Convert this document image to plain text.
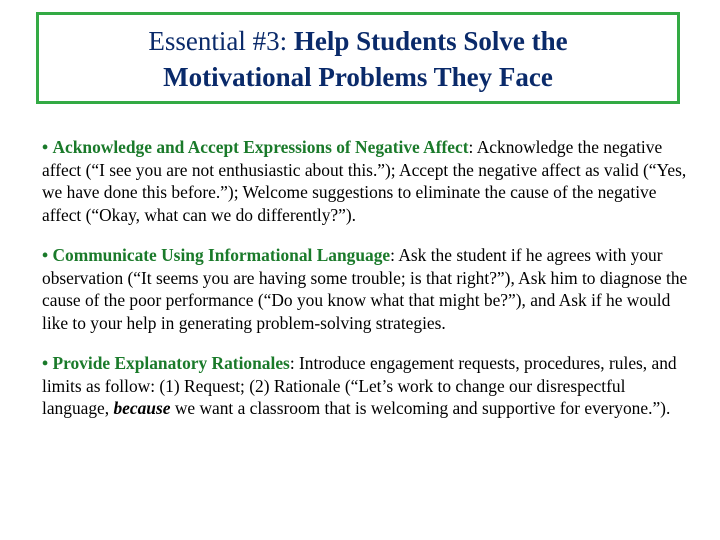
Essential #3: Help Students Solve the
Motivational Problems They Face

• Acknowledge and Accept Expressions of Negative Affect: Acknowledge the negative affect (“I see you are not enthusiastic about this.”); Accept the negative affect as valid (“Yes, we have done this before.”); Welcome suggestions to eliminate the cause of the negative affect (“Okay, what can we do differently?”).

• Communicate Using Informational Language: Ask the student if he agrees with your observation (“It seems you are having some trouble; is that right?”), Ask him to diagnose the cause of the poor performance (“Do you know what that might be?”), and Ask if he would like to your help in generating problem-solving strategies.

• Provide Explanatory Rationales: Introduce engagement requests, procedures, rules, and limits as follow: (1) Request; (2) Rationale (“Let’s work to change our disrespectful language, because we want a classroom that is welcoming and supportive for everyone.”).
